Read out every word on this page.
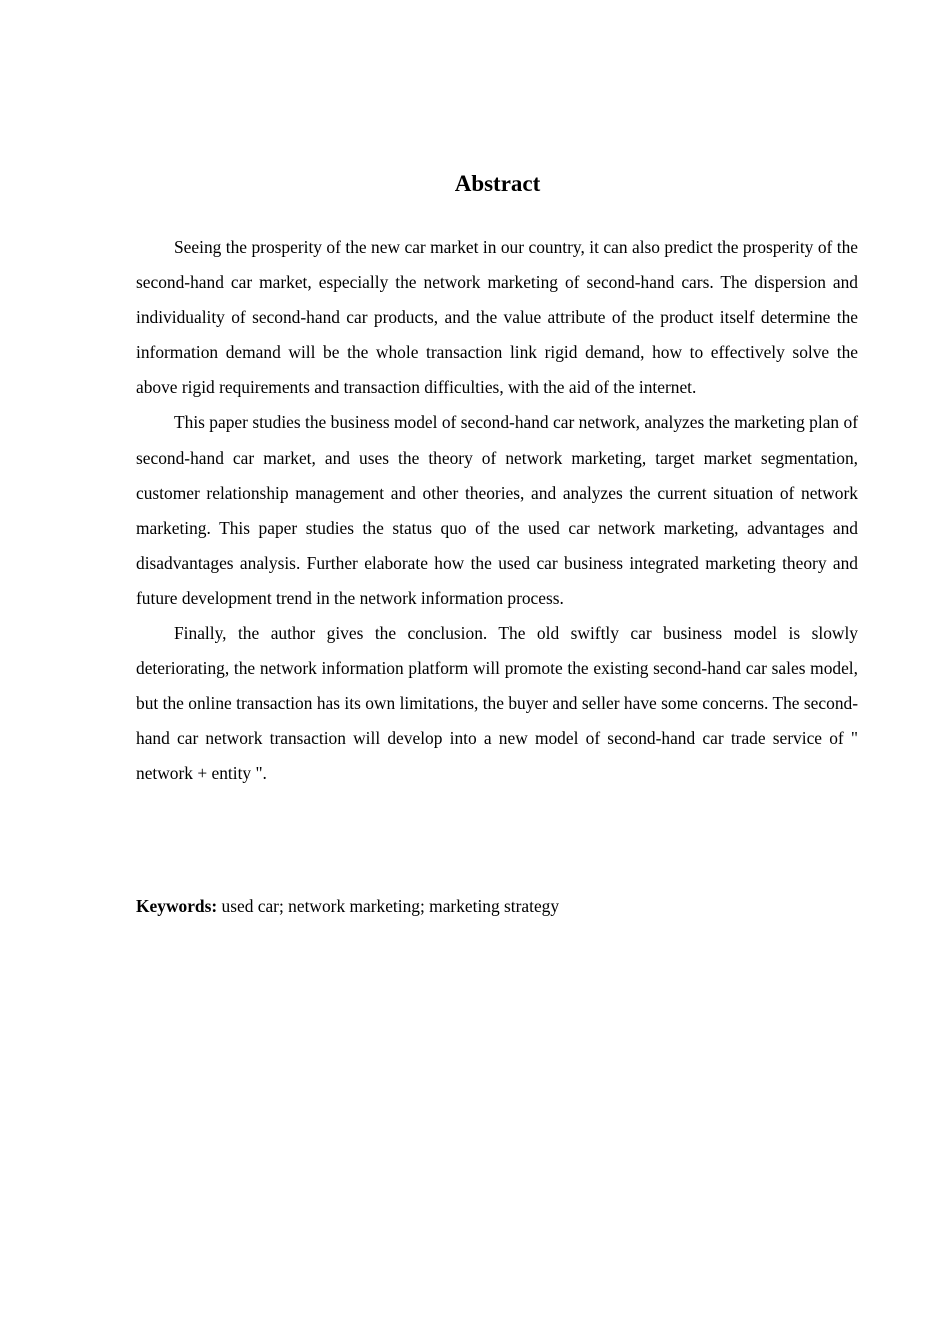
Abstract

Seeing the prosperity of the new car market in our country, it can also predict the prosperity of the second-hand car market, especially the network marketing of second-hand cars. The dispersion and individuality of second-hand car products, and the value attribute of the product itself determine the information demand will be the whole transaction link rigid demand, how to effectively solve the above rigid requirements and transaction difficulties, with the aid of the internet.

This paper studies the business model of second-hand car network, analyzes the marketing plan of second-hand car market, and uses the theory of network marketing, target market segmentation, customer relationship management and other theories, and analyzes the current situation of network marketing. This paper studies the status quo of the used car network marketing, advantages and disadvantages analysis. Further elaborate how the used car business integrated marketing theory and future development trend in the network information process.

Finally, the author gives the conclusion. The old swiftly car business model is slowly deteriorating, the network information platform will promote the existing second-hand car sales model, but the online transaction has its own limitations, the buyer and seller have some concerns. The second-hand car network transaction will develop into a new model of second-hand car trade service of " network + entity ".

Keywords: used car; network marketing; marketing strategy
